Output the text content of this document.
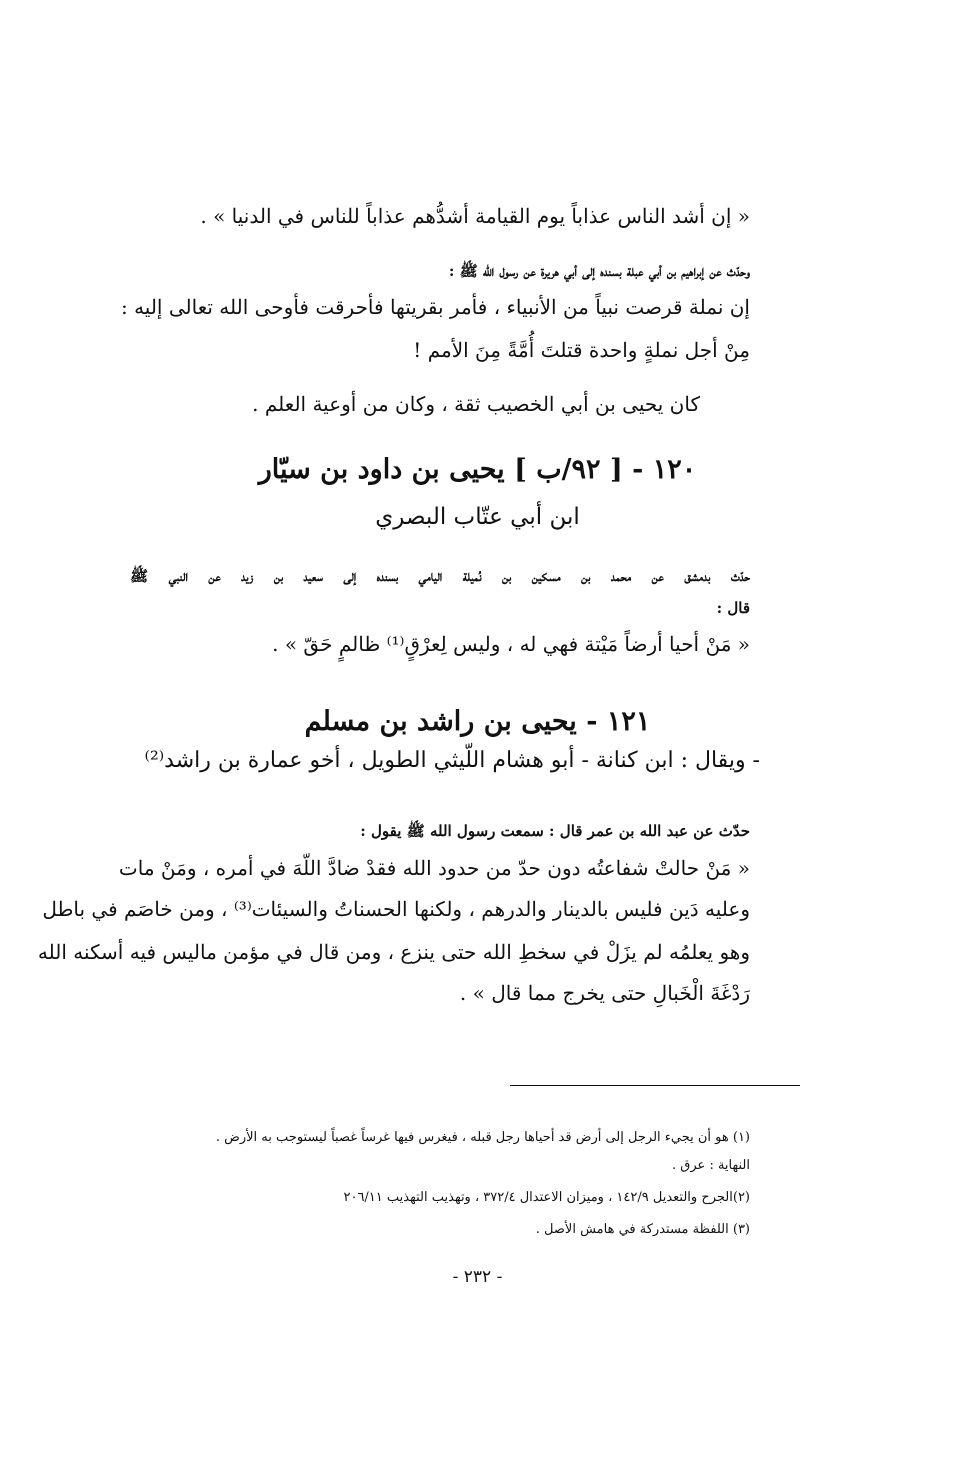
« إن أشد الناس عذاباً يوم القيامة أشدُّهم عذاباً للناس في الدنيا » .
وحدّث عن إبراهيم بن أبي عبلة بسنده إلى أبي هريرة عن رسول الله ﷺ :
إن نملة قرصت نبياً من الأنبياء ، فأمر بقريتها فأحرقت فأوحى الله تعالى إليه :
مِنْ أجل نملةٍ واحدة قتلتَ أُمَّةً مِنَ الأمم !
كان يحيى بن أبي الخصيب ثقة ، وكان من أوعية العلم .
١٢٠ - [ ٩٢/ب ] يحيى بن داود بن سيّار
ابن أبي عتّاب البصري
حدّث بدمشق عن محمد بن مسكين بن نُميلة اليامي بسنده إلى سعيد بن زيد عن النبي ﷺ
قال :
« مَنْ أحيا أرضاً مَيْتة فهي له ، وليس لِعرْقٍ⁽¹⁾ ظالمٍ حَقّ » .
١٢١ - يحيى بن راشد بن مسلم
- ويقال : ابن كنانة - أبو هشام اللّيثي الطويل ، أخو عمارة بن راشد⁽²⁾
حدّث عن عبد الله بن عمر قال : سمعت رسول الله ﷺ يقول :
« مَنْ حالتْ شفاعتُه دون حدّ من حدود الله فقدْ ضادَّ اللّهَ في أمره ، ومَنْ مات
وعليه دَين فليس بالدينار والدرهم ، ولكنها الحسناتُ والسيئات⁽³⁾ ، ومن خاصَم في باطل
وهو يعلمُه لم يزَلْ في سخطِ الله حتى ينزع ، ومن قال في مؤمن ماليس فيه أسكنه الله
رَدْغَةَ الْخَبالِ حتى يخرج مما قال » .
(١) هو أن يجيء الرجل إلى أرض قد أحياها رجل قبله ، فيغرس فيها غرساً غصباً ليستوجب به الأرض .
النهاية : عرق .
(٢)الجرح والتعديل ١٤٢/٩ ، وميزان الاعتدال ٣٧٢/٤ ، وتهذيب التهذيب ٢٠٦/١١
(٣) اللفظة مستدركة في هامش الأصل .
- ٢٣٢ -
